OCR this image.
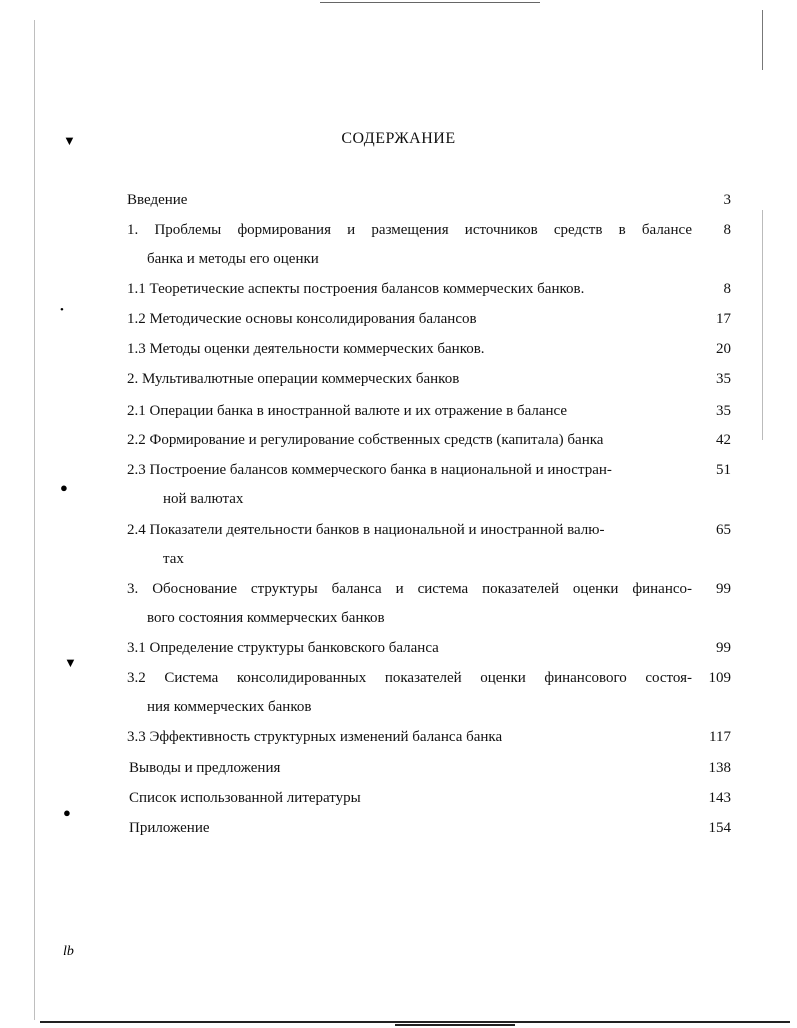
▼
•
●
▼
●
lb
СОДЕРЖАНИЕ
Введение	3
1. Проблемы формирования и размещения источников средств в балансе 8
банка и методы его оценки
1.1 Теоретические аспекты построения балансов коммерческих банков.	8
1.2 Методические основы консолидирования балансов	17
1.3 Методы оценки деятельности коммерческих банков.	20
2. Мультивалютные операции коммерческих банков	35
2.1 Операции банка в иностранной валюте и их отражение в балансе	35
2.2 Формирование и регулирование собственных средств (капитала) банка	42
2.3 Построение балансов коммерческого банка в национальной и иностран-	51
ной валютах
2.4 Показатели деятельности банков в национальной и иностранной валю-	65
тах
3. Обоснование структуры баланса и система показателей оценки финансо- 99
вого состояния коммерческих банков
3.1 Определение структуры банковского баланса	99
3.2 Система консолидированных показателей оценки финансового состоя- 109
ния коммерческих банков
3.3 Эффективность структурных изменений баланса банка	117
Выводы и предложения	138
Список использованной литературы	143
Приложение	154
